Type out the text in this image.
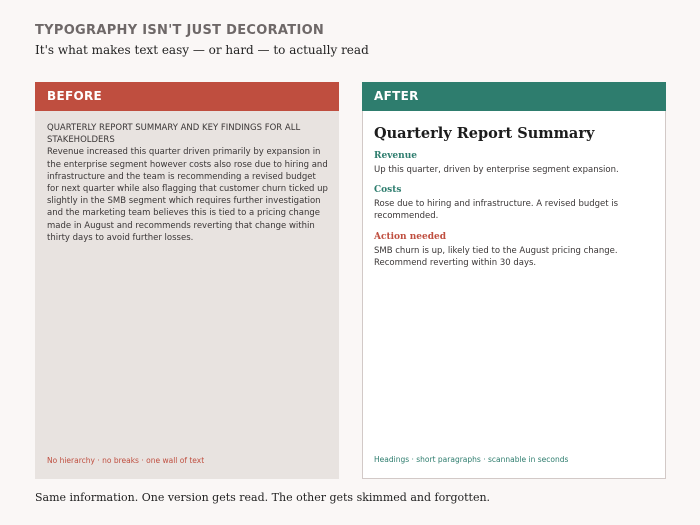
TYPOGRAPHY ISN'T JUST DECORATION
It's what makes text easy — or hard — to actually read
BEFORE
QUARTERLY REPORT SUMMARY AND KEY FINDINGS FOR ALL STAKEHOLDERS
Revenue increased this quarter driven primarily by expansion in the enterprise segment however costs also rose due to hiring and infrastructure and the team is recommending a revised budget for next quarter while also flagging that customer churn ticked up slightly in the SMB segment which requires further investigation and the marketing team believes this is tied to a pricing change made in August and recommends reverting that change within thirty days to avoid further losses.
No hierarchy · no breaks · one wall of text
AFTER
Quarterly Report Summary
Revenue
Up this quarter, driven by enterprise segment expansion.
Costs
Rose due to hiring and infrastructure. A revised budget is recommended.
Action needed
SMB churn is up, likely tied to the August pricing change. Recommend reverting within 30 days.
Headings · short paragraphs · scannable in seconds
Same information. One version gets read. The other gets skimmed and forgotten.
